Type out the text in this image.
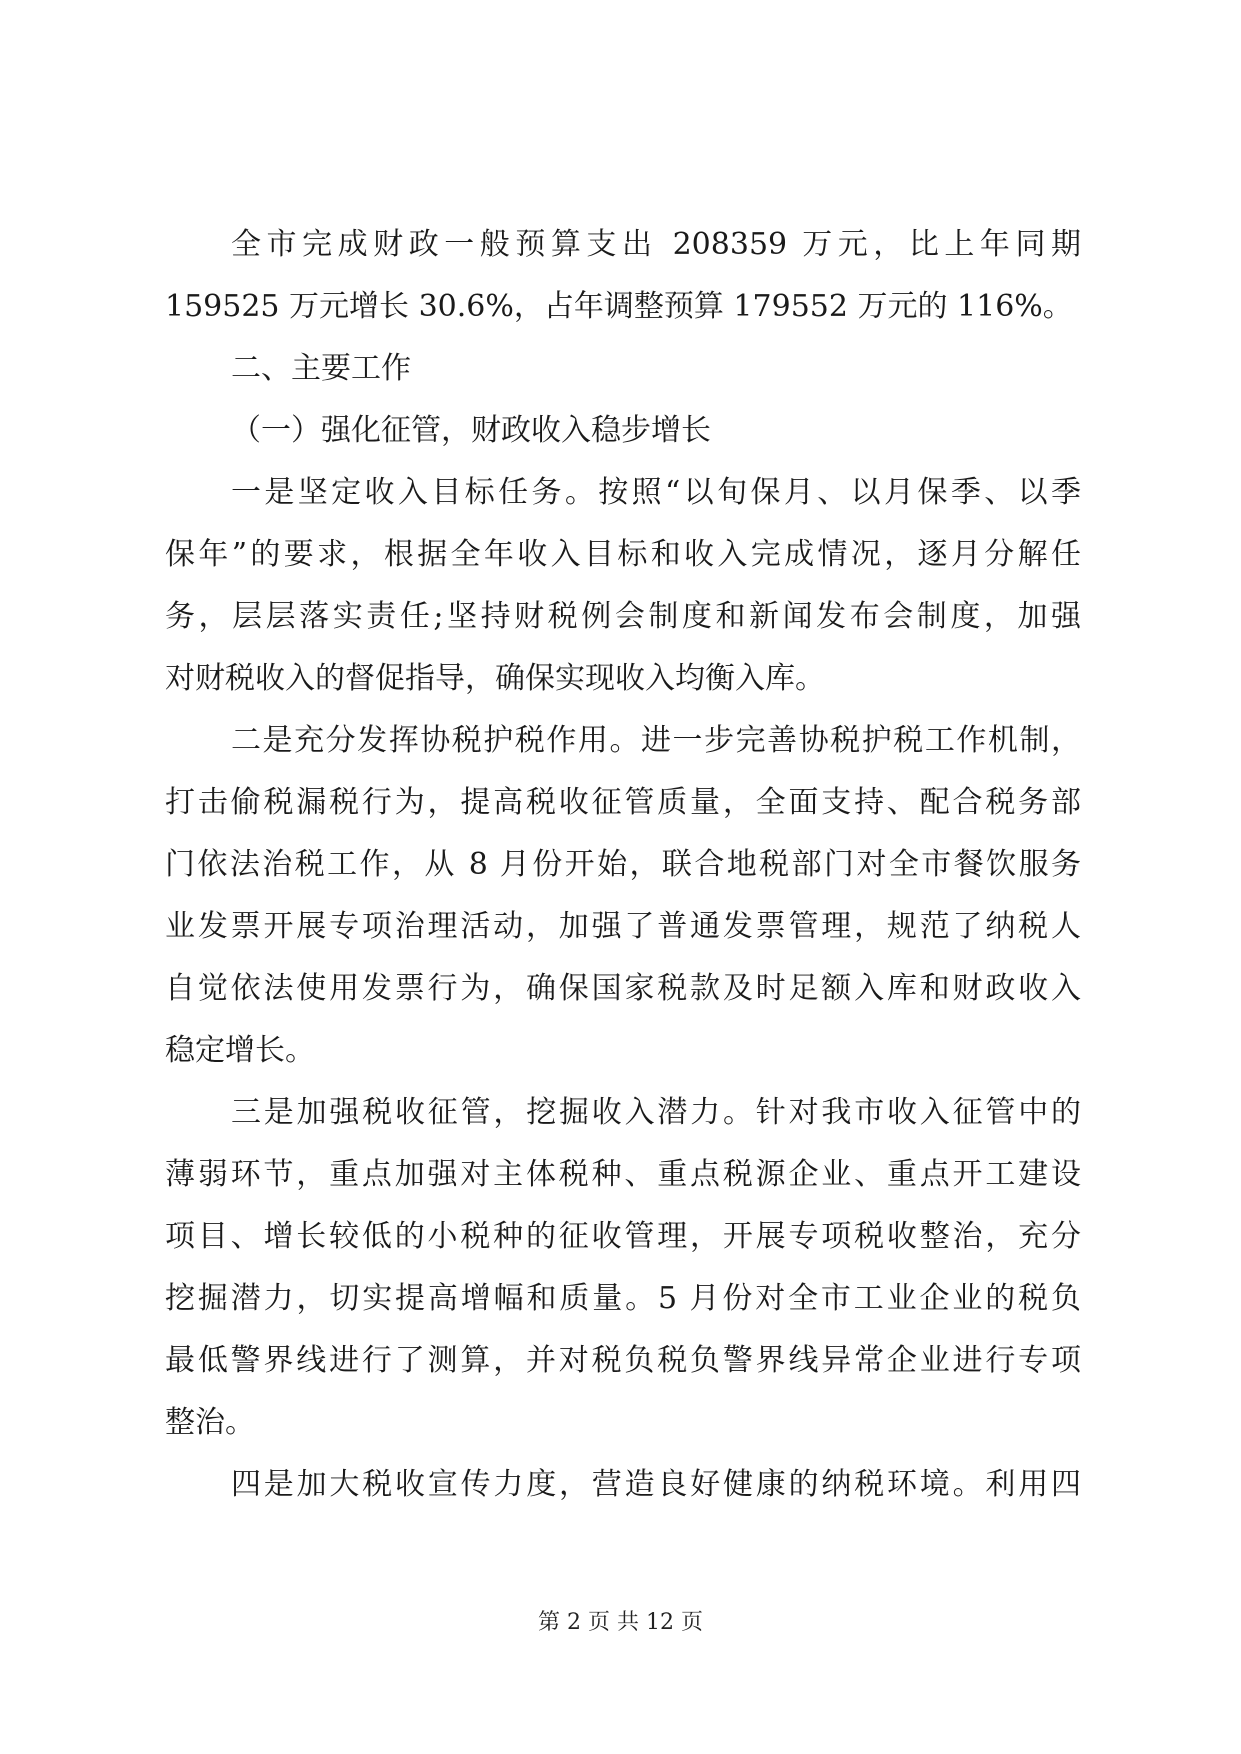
全市完成财政一般预算支出 208359 万元，比上年同期
159525 万元增长 30.6%，占年调整预算 179552 万元的 116%。
二、主要工作
（一）强化征管，财政收入稳步增长
一是坚定收入目标任务。按照“以旬保月、以月保季、以季
保年”的要求，根据全年收入目标和收入完成情况，逐月分解任
务，层层落实责任;坚持财税例会制度和新闻发布会制度，加强
对财税收入的督促指导，确保实现收入均衡入库。
二是充分发挥协税护税作用。进一步完善协税护税工作机制，
打击偷税漏税行为，提高税收征管质量，全面支持、配合税务部
门依法治税工作，从 8 月份开始，联合地税部门对全市餐饮服务
业发票开展专项治理活动，加强了普通发票管理，规范了纳税人
自觉依法使用发票行为，确保国家税款及时足额入库和财政收入
稳定增长。
三是加强税收征管，挖掘收入潜力。针对我市收入征管中的
薄弱环节，重点加强对主体税种、重点税源企业、重点开工建设
项目、增长较低的小税种的征收管理，开展专项税收整治，充分
挖掘潜力，切实提高增幅和质量。5 月份对全市工业企业的税负
最低警界线进行了测算，并对税负税负警界线异常企业进行专项
整治。
四是加大税收宣传力度，营造良好健康的纳税环境。利用四
第 2 页 共 12 页
